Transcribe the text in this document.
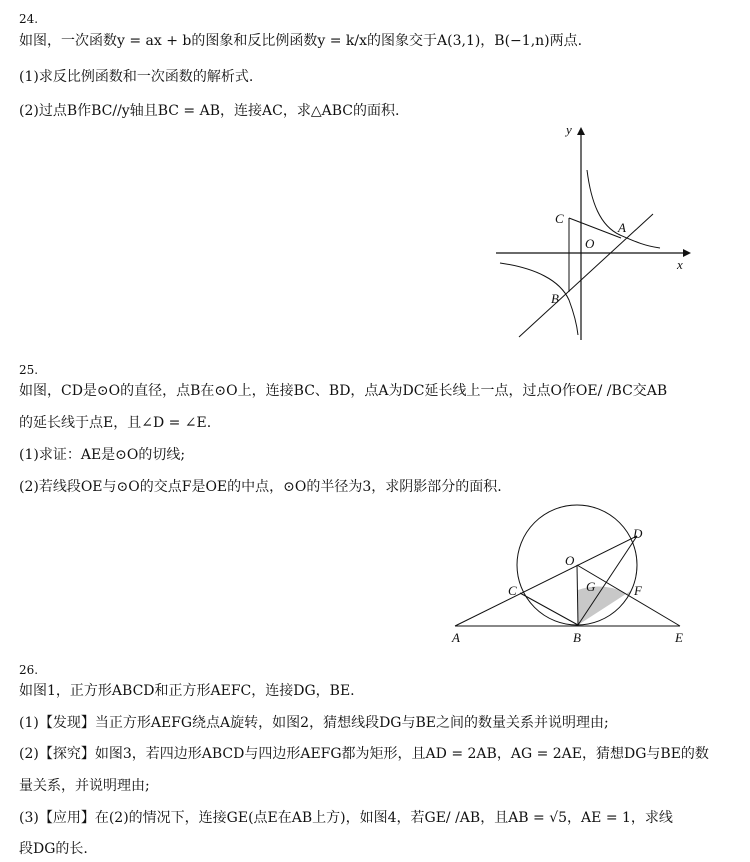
24.
如图，一次函数y = ax + b的图象和反比例函数y = k/x的图象交于A(3,1)，B(−1,n)两点.
(1)求反比例函数和一次函数的解析式.
(2)过点B作BC//y轴且BC = AB，连接AC，求△ABC的面积.
y
x
C
O
A
B
25.
如图，CD是⊙O的直径，点B在⊙O上，连接BC、BD，点A为DC延长线上一点，过点O作OE/ /BC交AB
的延长线于点E，且∠D = ∠E.
(1)求证：AE是⊙O的切线;
(2)若线段OE与⊙O的交点F是OE的中点，⊙O的半径为3，求阴影部分的面积.
D
O
G	F
C
A	B	E
26.
如图1，正方形ABCD和正方形AEFC，连接DG，BE.
(1)【发现】当正方形AEFG绕点A旋转，如图2，猜想线段DG与BE之间的数量关系并说明理由;
(2)【探究】如图3，若四边形ABCD与四边形AEFG都为矩形，且AD = 2AB，AG = 2AE，猜想DG与BE的数
量关系，并说明理由;
(3)【应用】在(2)的情况下，连接GE(点E在AB上方)，如图4，若GE/ /AB，且AB = √5，AE = 1，求线
段DG的长.
